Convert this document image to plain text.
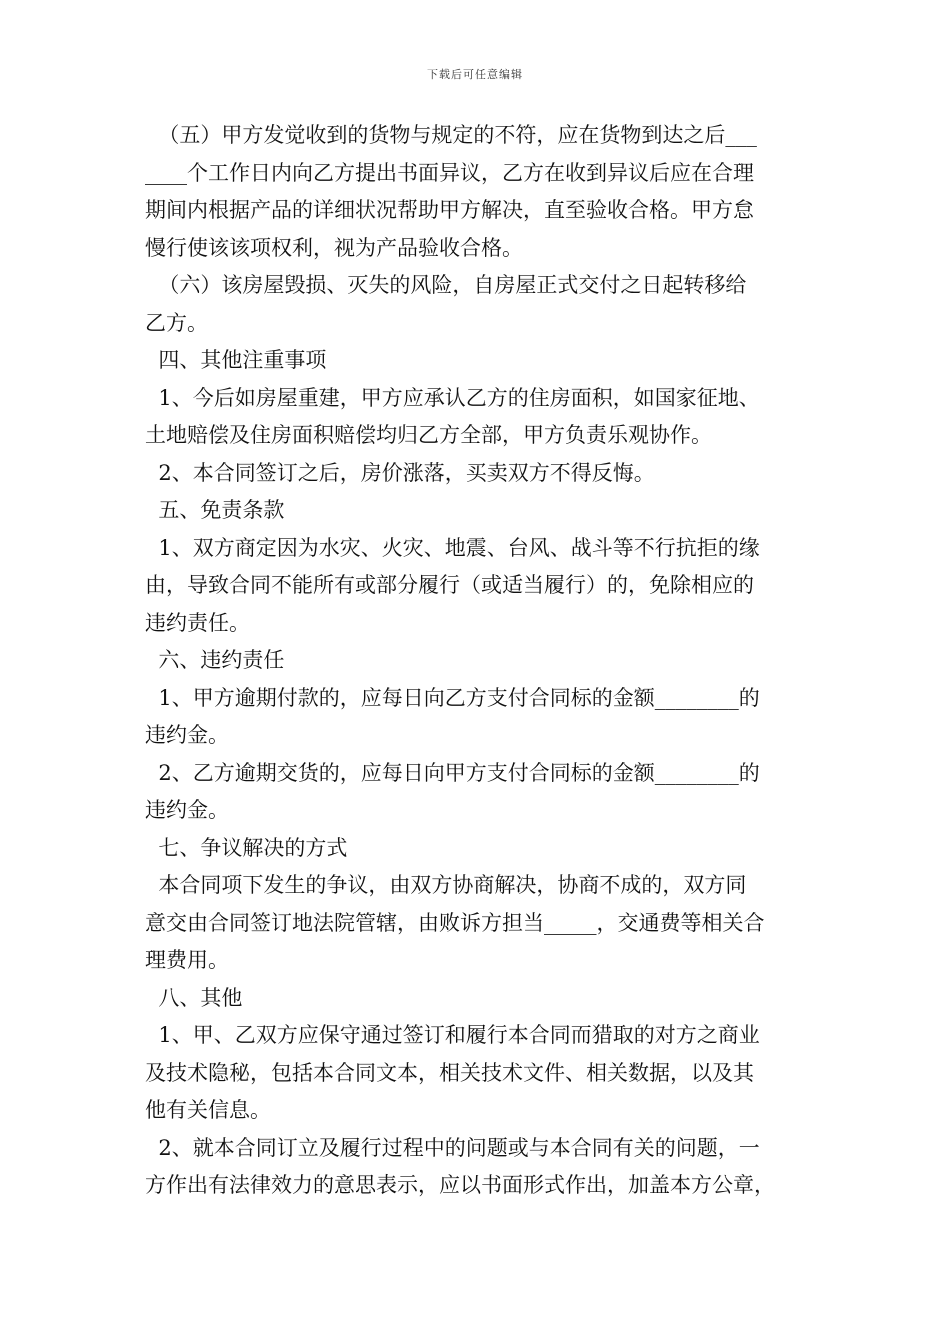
下载后可任意编辑
（五）甲方发觉收到的货物与规定的不符，应在货物到达之后___
____个工作日内向乙方提出书面异议，乙方在收到异议后应在合理
期间内根据产品的详细状况帮助甲方解决，直至验收合格。甲方怠
慢行使该该项权利，视为产品验收合格。
（六）该房屋毁损、灭失的风险，自房屋正式交付之日起转移给
乙方。
四、其他注重事项
1、今后如房屋重建，甲方应承认乙方的住房面积，如国家征地、
土地赔偿及住房面积赔偿均归乙方全部，甲方负责乐观协作。
2、本合同签订之后，房价涨落，买卖双方不得反悔。
五、免责条款
1、双方商定因为水灾、火灾、地震、台风、战斗等不行抗拒的缘
由，导致合同不能所有或部分履行（或适当履行）的，免除相应的
违约责任。
六、违约责任
1、甲方逾期付款的，应每日向乙方支付合同标的金额________的
违约金。
2、乙方逾期交货的，应每日向甲方支付合同标的金额________的
违约金。
七、争议解决的方式
本合同项下发生的争议，由双方协商解决，协商不成的，双方同
意交由合同签订地法院管辖，由败诉方担当_____，交通费等相关合
理费用。
八、其他
1、甲、乙双方应保守通过签订和履行本合同而猎取的对方之商业
及技术隐秘，包括本合同文本，相关技术文件、相关数据，以及其
他有关信息。
2、就本合同订立及履行过程中的问题或与本合同有关的问题，一
方作出有法律效力的意思表示，应以书面形式作出，加盖本方公章，
